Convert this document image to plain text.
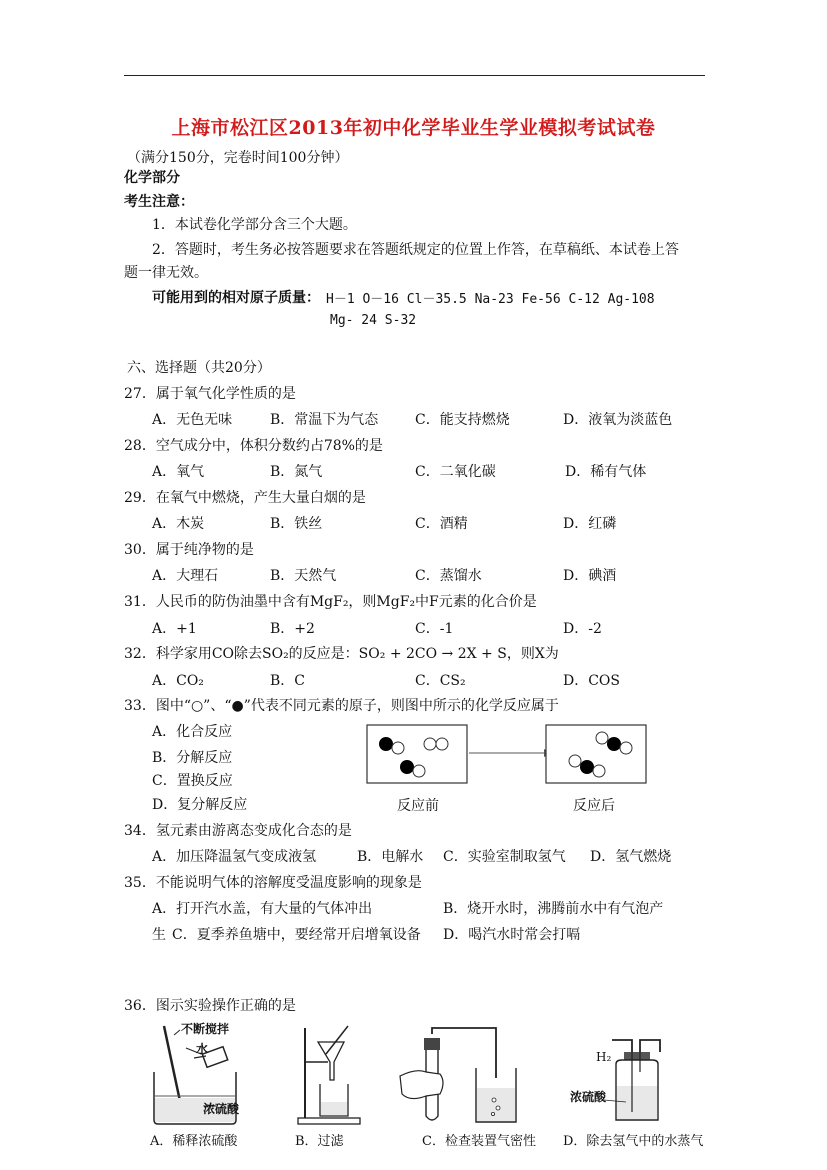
上海市松江区2013年初中化学毕业生学业模拟考试试卷
（满分150分，完卷时间100分钟）
化学部分
考生注意：
1．本试卷化学部分含三个大题。
2．答题时，考生务必按答题要求在答题纸规定的位置上作答，在草稿纸、本试卷上答
题一律无效。
可能用到的相对原子质量： H－1 O－16 Cl－35.5 Na-23 Fe-56 C-12 Ag-108
Mg- 24 S-32
六、选择题（共20分）
27．属于氧气化学性质的是
A．无色无味	B．常温下为气态	C．能支持燃烧	D．液氧为淡蓝色
28．空气成分中，体积分数约占78%的是
A．氧气	B．氮气	C．二氧化碳	D．稀有气体
29．在氧气中燃烧，产生大量白烟的是
A．木炭	B．铁丝	C．酒精	D．红磷
30．属于纯净物的是
A．大理石	B．天然气	C．蒸馏水	D．碘酒
31．人民币的防伪油墨中含有MgF₂，则MgF₂中F元素的化合价是
A．+1	B．+2	C．-1	D．-2
32．科学家用CO除去SO₂的反应是：SO₂ + 2CO → 2X + S，则X为
A．CO₂	B．C	C．CS₂	D．COS
33．图中“○”、“●”代表不同元素的原子，则图中所示的化学反应属于
A．化合反应
B．分解反应
C．置换反应
D．复分解反应	反应前	反应后
34．氢元素由游离态变成化合态的是
A．加压降温氢气变成液氢	B．电解水 C．实验室制取氢气 D．氢气燃烧
35．不能说明气体的溶解度受温度影响的现象是
A．打开汽水盖，有大量的气体冲出	B．烧开水时，沸腾前水中有气泡产
生 C．夏季养鱼塘中，要经常开启增氧设备 D．喝汽水时常会打嗝
36．图示实验操作正确的是
不断搅拌
水
浓硫酸
H₂
浓硫酸
A．稀释浓硫酸	B．过滤	C．检查装置气密性 D．除去氢气中的水蒸气
